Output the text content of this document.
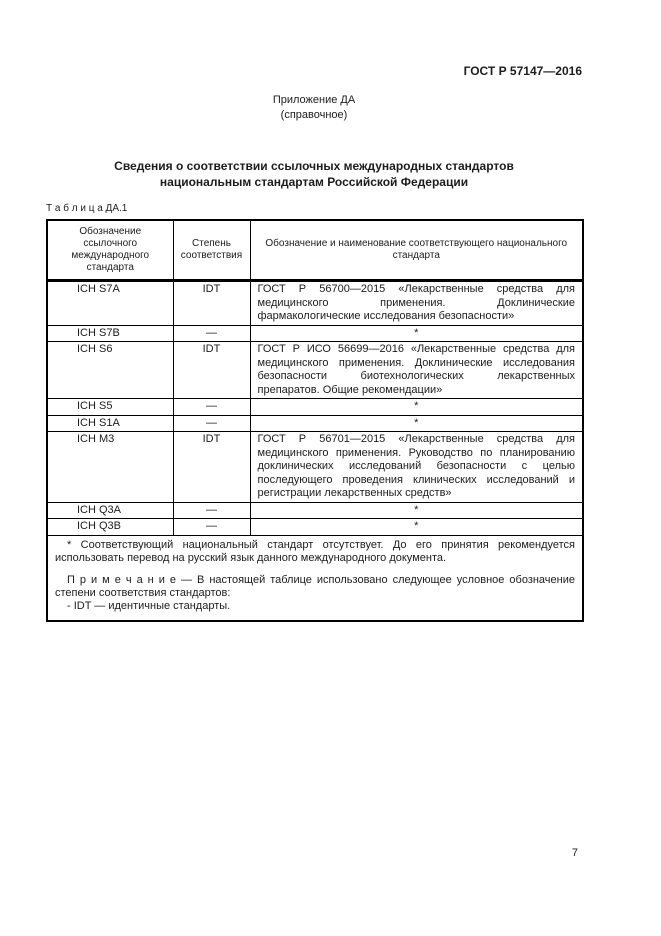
ГОСТ Р 57147—2016
Приложение ДА
(справочное)
Сведения о соответствии ссылочных международных стандартов
национальным стандартам Российской Федерации
Т а б л и ц а ДА.1
Обозначение ссылочного международного стандарта	Степень соответствия	Обозначение и наименование соответствующего национального стандарта
ICH S7A	IDT	ГОСТ Р 56700—2015 «Лекарственные средства для медицинского применения. Доклинические фармакологические исследования безопасности»
ICH S7B	—	*
ICH S6	IDT	ГОСТ Р ИСО 56699—2016 «Лекарственные средства для медицинского применения. Доклинические исследования безопасности биотехнологических лекарственных препаратов. Общие рекомендации»
ICH S5	—	*
ICH S1A	—	*
ICH M3	IDT	ГОСТ Р 56701—2015 «Лекарственные средства для медицинского применения. Руководство по планированию доклинических исследований безопасности с целью последующего проведения клинических исследований и регистрации лекарственных средств»
ICH Q3A	—	*
ICH Q3B	—	*

* Соответствующий национальный стандарт отсутствует. До его принятия рекомендуется использовать перевод на русский язык данного международного документа.

П р и м е ч а н и е — В настоящей таблице использовано следующее условное обозначение степени соответствия стандартов:

- IDT — идентичные стандарты.		

7
